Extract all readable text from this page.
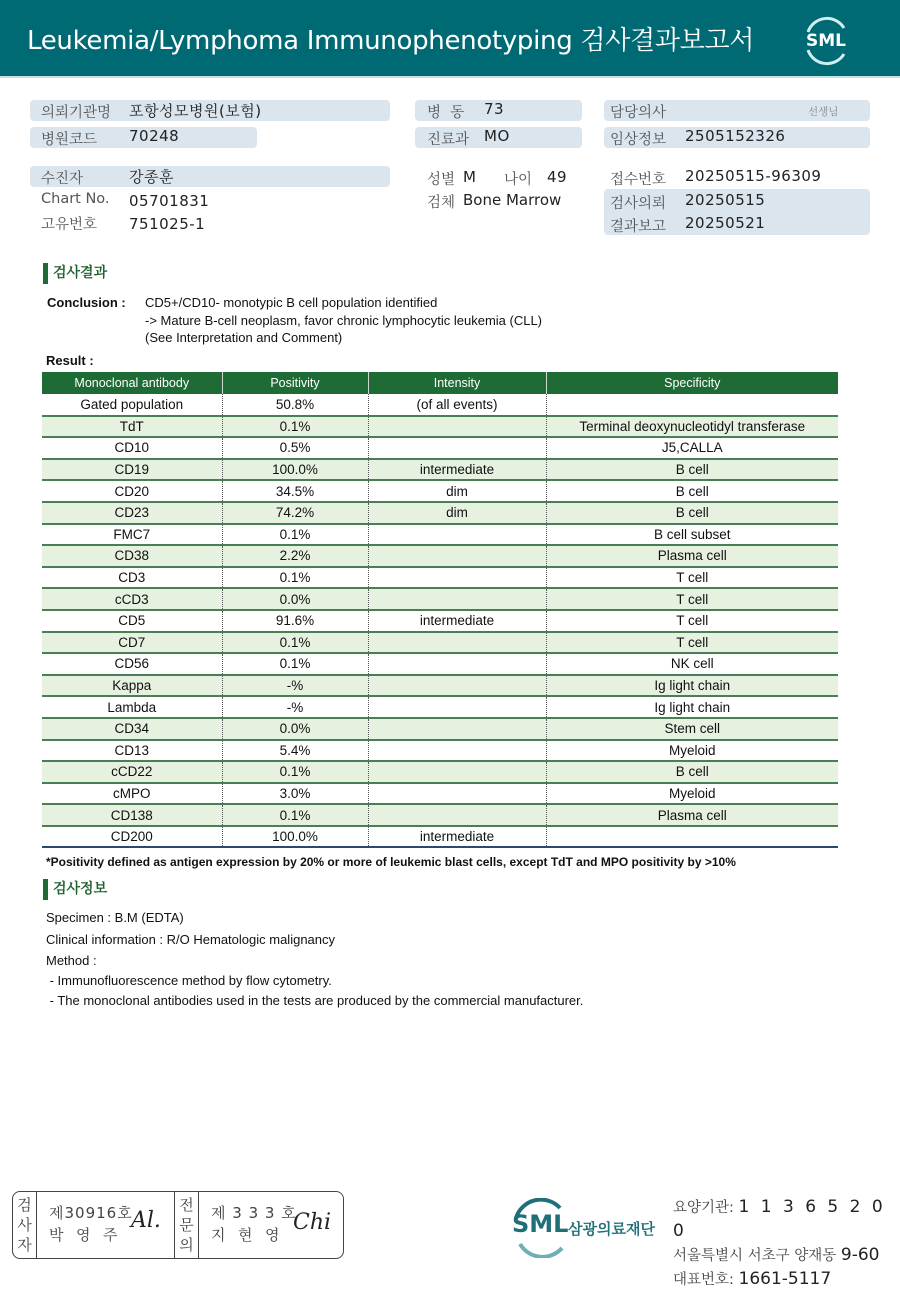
Leukemia/Lymphoma Immunophenotyping 검사결과보고서	SML
의뢰기관명 포항성모병원(보험)
병원코드 70248
병  동 73
진료과 MO
담당의사	선생님
임상정보 2505152326
수진자	강종훈
Chart No. 05701831
고유번호 751025-1
성별 M 나이 49
검체 Bone Marrow
접수번호 20250515-96309
검사의뢰 20250515
결과보고 20250521
검사결과
Conclusion : CD5+/CD10- monotypic B cell population identified
-> Mature B-cell neoplasm, favor chronic lymphocytic leukemia (CLL)
(See Interpretation and Comment)
Result :
Monoclonal antibody	Positivity	Intensity	Specificity
Gated population	50.8%	(of all events)	
TdT	0.1%		Terminal deoxynucleotidyl transferase
CD10	0.5%		J5,CALLA
CD19	100.0%	intermediate	B cell
CD20	34.5%	dim	B cell
CD23	74.2%	dim	B cell
FMC7	0.1%		B cell subset
CD38	2.2%		Plasma cell
CD3	0.1%		T cell
cCD3	0.0%		T cell
CD5	91.6%	intermediate	T cell
CD7	0.1%		T cell
CD56	0.1%		NK cell
Kappa	-%		Ig light chain
Lambda	-%		Ig light chain
CD34	0.0%		Stem cell
CD13	5.4%		Myeloid
cCD22	0.1%		B cell
cMPO	3.0%		Myeloid
CD138	0.1%		Plasma cell
CD200	100.0%	intermediate	
*Positivity defined as antigen expression by 20% or more of leukemic blast cells, except TdT and MPO positivity by >10%
검사정보
Specimen : B.M (EDTA)
Clinical information : R/O Hematologic malignancy
Method :
- Immunofluorescence method by flow cytometry.
- The monoclonal antibodies used in the tests are produced by the commercial manufacturer.
검
사
자
제30916호
박  영  주
Al.
전
문
의
제 3 3 3 호
지  현  영 Chi	SML 삼광의료재단
요양기관: 1 1 3 6 5 2 0 0
서울특별시 서초구 양재동 9-60
대표번호: 1661-5117
